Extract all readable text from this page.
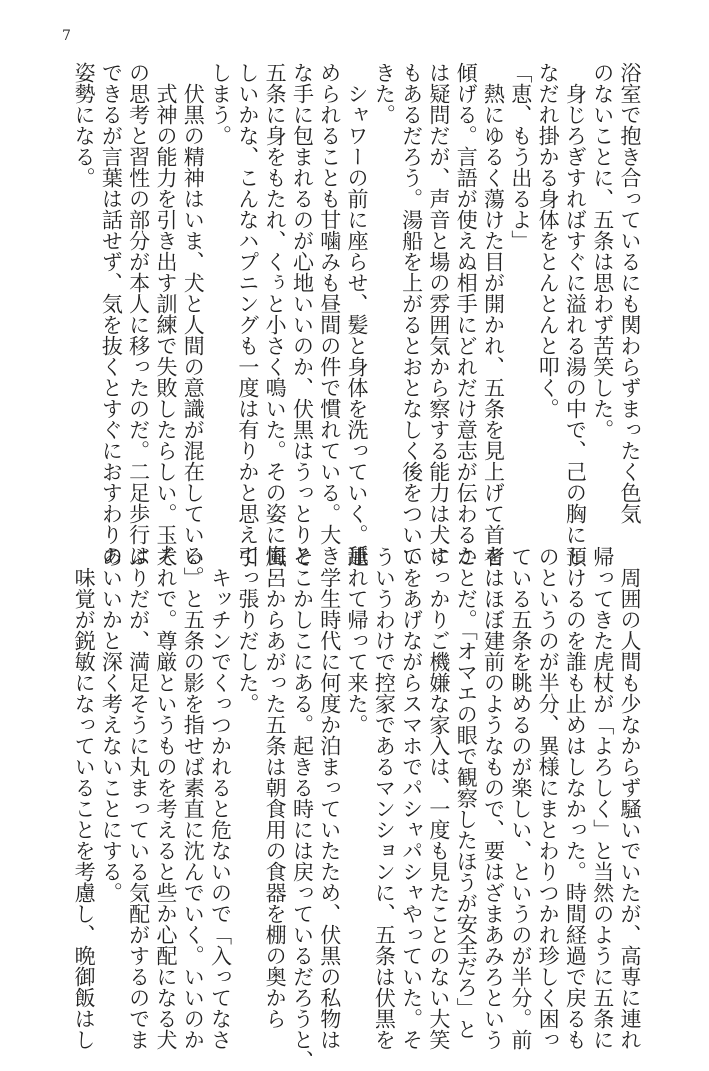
7
浴室で抱き合っているにも関わらずまったく色気
のないことに、五条は思わず苦笑した。
　身じろぎすればすぐに溢れる湯の中で、己の胸にし
なだれ掛かる身体をとんとんと叩く。
「恵、もう出るよ」
　熱にゆるく蕩けた目が開かれ、五条を見上げて首を
傾げる。言語が使えぬ相手にどれだけ意志が伝わるか
は疑問だが、声音と場の雰囲気から察する能力は犬に
もあるだろう。湯船を上がるとおとなしく後をついて
きた。
　シャワーの前に座らせ、髪と身体を洗っていく。舐
められることも甘噛みも昼間の件で慣れている。大き
な手に包まれるのが心地いいのか、伏黒はうっとりと
五条に身をもたれ、くぅと小さく鳴いた。その姿に悔
しいかな、こんなハプニングも一度は有りかと思えて
しまう。
　伏黒の精神はいま、犬と人間の意識が混在している。
　式神の能力を引き出す訓練で失敗したらしい。玉犬
の思考と習性の部分が本人に移ったのだ。二足歩行は
できるが言葉は話せず、気を抜くとすぐにおすわりの
姿勢になる。
　周囲の人間も少なからず騒いでいたが、高専に連れ
帰ってきた虎杖が「よろしく」と当然のように五条に
預けるのを誰も止めはしなかった。時間経過で戻るも
のというのが半分、異様にまとわりつかれ珍しく困っ
ている五条を眺めるのが楽しい、というのが半分。前
者はほぼ建前のようなもので、要はざまあみろという
ことだ。「オマエの眼で観察したほうが安全だろ」と
すっかりご機嫌な家入は、一度も見たことのない大笑
いをあげながらスマホでパシャパシャやっていた。そ
ういうわけで控家であるマンションに、五条は伏黒を
連れて帰って来た。
　学生時代に何度か泊まっていたため、伏黒の私物は
そこかしこにある。起きる時には戻っているだろうと、
風呂からあがった五条は朝食用の食器を棚の奥から
引っ張りだした。
　キッチンでくっつかれると危ないので「入ってなさ
い」と五条の影を指せば素直に沈んでいく。いいのか
それで。尊厳というものを考えると些か心配になる犬
ぶりだが、満足そうに丸まっている気配がするのでま
あいいかと深く考えないことにする。
　味覚が鋭敏になっていることを考慮し、晩御飯はし
